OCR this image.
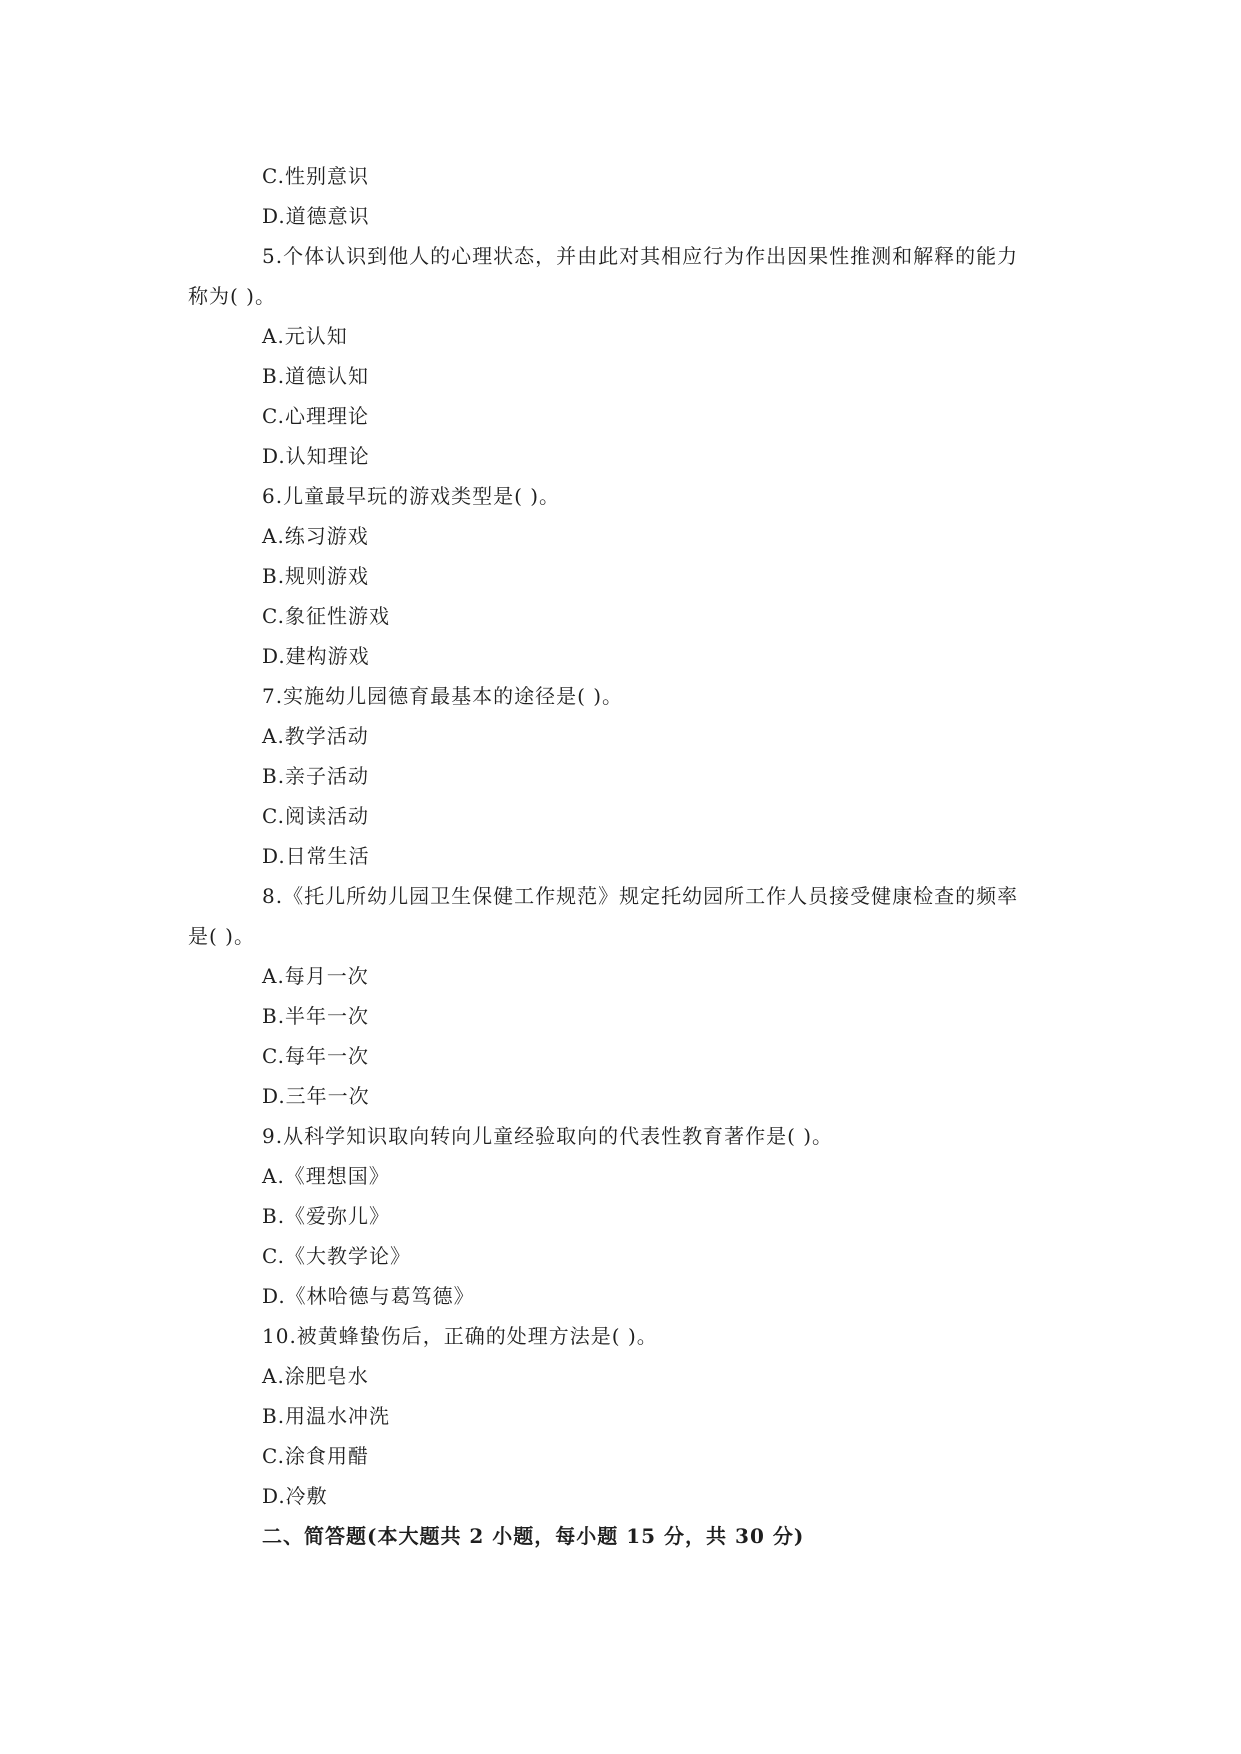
C.性别意识
D.道德意识
5.个体认识到他人的心理状态，并由此对其相应行为作出因果性推测和解释的能力
称为( )。
A.元认知
B.道德认知
C.心理理论
D.认知理论
6.儿童最早玩的游戏类型是( )。
A.练习游戏
B.规则游戏
C.象征性游戏
D.建构游戏
7.实施幼儿园德育最基本的途径是( )。
A.教学活动
B.亲子活动
C.阅读活动
D.日常生活
8.《托儿所幼儿园卫生保健工作规范》规定托幼园所工作人员接受健康检查的频率
是( )。
A.每月一次
B.半年一次
C.每年一次
D.三年一次
9.从科学知识取向转向儿童经验取向的代表性教育著作是( )。
A.《理想国》
B.《爱弥儿》
C.《大教学论》
D.《林哈德与葛笃德》
10.被黄蜂蛰伤后，正确的处理方法是( )。
A.涂肥皂水
B.用温水冲洗
C.涂食用醋
D.冷敷
二、简答题(本大题共 2 小题，每小题 15 分，共 30 分)
